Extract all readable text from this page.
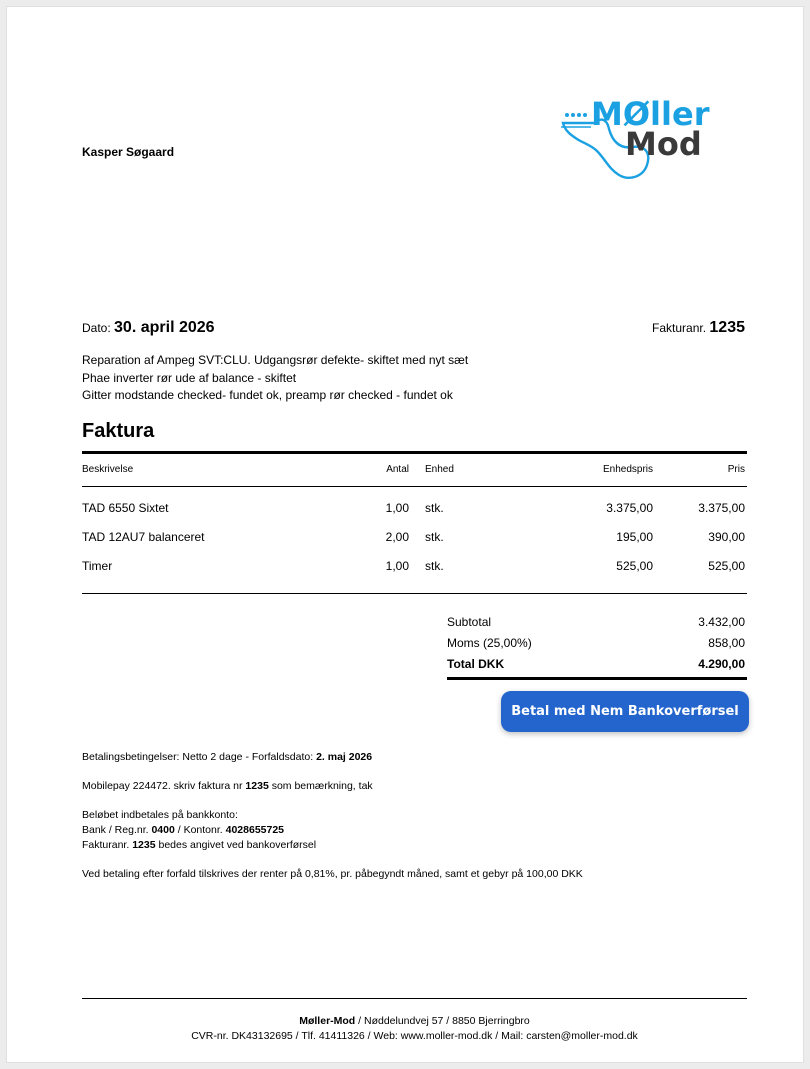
Kasper Søgaard
MØller
Mod
Dato: 30. april 2026	Fakturanr. 1235
Reparation af Ampeg SVT:CLU. Udgangsrør defekte- skiftet med nyt sæt
Phae inverter rør ude af balance - skiftet
Gitter modstande checked- fundet ok, preamp rør checked - fundet ok
Faktura
Beskrivelse	Antal Enhed	Enhedspris	Pris
TAD 6550 Sixtet	1,00 stk.	3.375,00	3.375,00
TAD 12AU7 balanceret	2,00 stk.	195,00	390,00
Timer	1,00 stk.	525,00	525,00
Subtotal	3.432,00
Moms (25,00%)	858,00
Total DKK	4.290,00
Betal med Nem Bankoverførsel
Betalingsbetingelser: Netto 2 dage - Forfaldsdato: 2. maj 2026
Mobilepay 224472. skriv faktura nr 1235 som bemærkning, tak
Beløbet indbetales på bankkonto:
Bank / Reg.nr. 0400 / Kontonr. 4028655725
Fakturanr. 1235 bedes angivet ved bankoverførsel
Ved betaling efter forfald tilskrives der renter på 0,81%, pr. påbegyndt måned, samt et gebyr på 100,00 DKK
Møller-Mod / Nøddelundvej 57 / 8850 Bjerringbro
CVR-nr. DK43132695 / Tlf. 41411326 / Web: www.moller-mod.dk / Mail: carsten@moller-mod.dk
